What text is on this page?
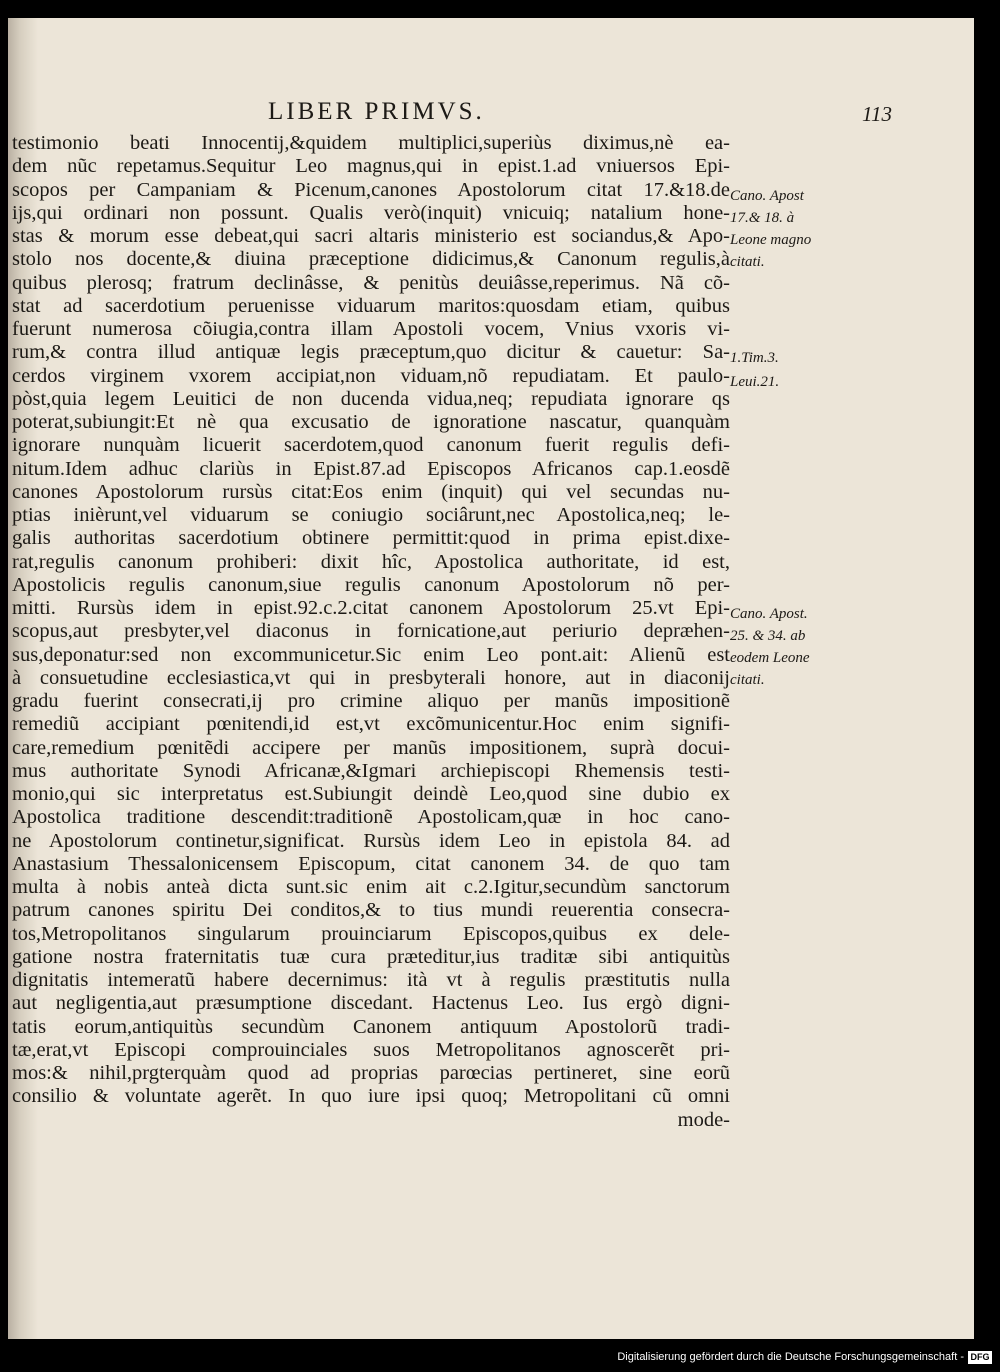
LIBER PRIMVS.	113
testimonio beati Innocentij,&quidem multiplici,superiùs diximus,nè ea-
dem nũc repetamus.Sequitur Leo magnus,qui in epist.1.ad vniuersos Epi-
scopos per Campaniam & Picenum,canones Apostolorum citat 17.&18.de
ijs,qui ordinari non possunt. Qualis verò(inquit) vnicuiq; natalium hone-
stas & morum esse debeat,qui sacri altaris ministerio est sociandus,& Apo-
stolo nos docente,& diuina præceptione didicimus,& Canonum regulis,à
quibus plerosq; fratrum declinâsse, & penitùs deuiâsse,reperimus. Nã cõ-
stat ad sacerdotium peruenisse viduarum maritos:quosdam etiam, quibus
fuerunt numerosa cõiugia,contra illam Apostoli vocem, Vnius vxoris vi-
rum,& contra illud antiquæ legis præceptum,quo dicitur & cauetur: Sa-
cerdos virginem vxorem accipiat,non viduam,nõ repudiatam. Et paulo-
pòst,quia legem Leuitici de non ducenda vidua,neq; repudiata ignorare qs
poterat,subiungit:Et nè qua excusatio de ignoratione nascatur, quanquàm
ignorare nunquàm licuerit sacerdotem,quod canonum fuerit regulis defi-
nitum.Idem adhuc clariùs in Epist.87.ad Episcopos Africanos cap.1.eosdẽ
canones Apostolorum rursùs citat:Eos enim (inquit) qui vel secundas nu-
ptias inièrunt,vel viduarum se coniugio sociârunt,nec Apostolica,neq; le-
galis authoritas sacerdotium obtinere permittit:quod in prima epist.dixe-
rat,regulis canonum prohiberi: dixit hîc, Apostolica authoritate, id est,
Apostolicis regulis canonum,siue regulis canonum Apostolorum nõ per-
mitti. Rursùs idem in epist.92.c.2.citat canonem Apostolorum 25.vt Epi-
scopus,aut presbyter,vel diaconus in fornicatione,aut periurio depræhen-
sus,deponatur:sed non excommunicetur.Sic enim Leo pont.ait: Alienũ est
à consuetudine ecclesiastica,vt qui in presbyterali honore, aut in diaconij
gradu fuerint consecrati,ij pro crimine aliquo per manũs impositionẽ
remediũ accipiant pœnitendi,id est,vt excõmunicentur.Hoc enim signifi-
care,remedium pœnitẽdi accipere per manũs impositionem, suprà docui-
mus authoritate Synodi Africanæ,&Igmari archiepiscopi Rhemensis testi-
monio,qui sic interpretatus est.Subiungit deindè Leo,quod sine dubio ex
Apostolica traditione descendit:traditionẽ Apostolicam,quæ in hoc cano-
ne Apostolorum continetur,significat. Rursùs idem Leo in epistola 84. ad
Anastasium Thessalonicensem Episcopum, citat canonem 34. de quo tam
multa à nobis anteà dicta sunt.sic enim ait c.2.Igitur,secundùm sanctorum
patrum canones spiritu Dei conditos,& to tius mundi reuerentia consecra-
tos,Metropolitanos singularum prouinciarum Episcopos,quibus ex dele-
gatione nostra fraternitatis tuæ cura præteditur,ius traditæ sibi antiquitùs
dignitatis intemeratũ habere decernimus: ità vt à regulis præstitutis nulla
aut negligentia,aut præsumptione discedant. Hactenus Leo. Ius ergò digni-
tatis eorum,antiquitùs secundùm Canonem antiquum Apostolorũ tradi-
tæ,erat,vt Episcopi comprouinciales suos Metropolitanos agnoscerẽt pri-
mos:& nihil,prgterquàm quod ad proprias parœcias pertineret, sine eorũ
consilio & voluntate agerẽt. In quo iure ipsi quoq; Metropolitani cũ omni
mode-
Cano. Apost
17.& 18. à
Leone magno
citati.
1.Tim.3.
Leui.21.
Cano. Apost.
25. & 34. ab
eodem Leone
citati.
Digitalisierung gefördert durch die Deutsche Forschungsgemeinschaft - DFG
